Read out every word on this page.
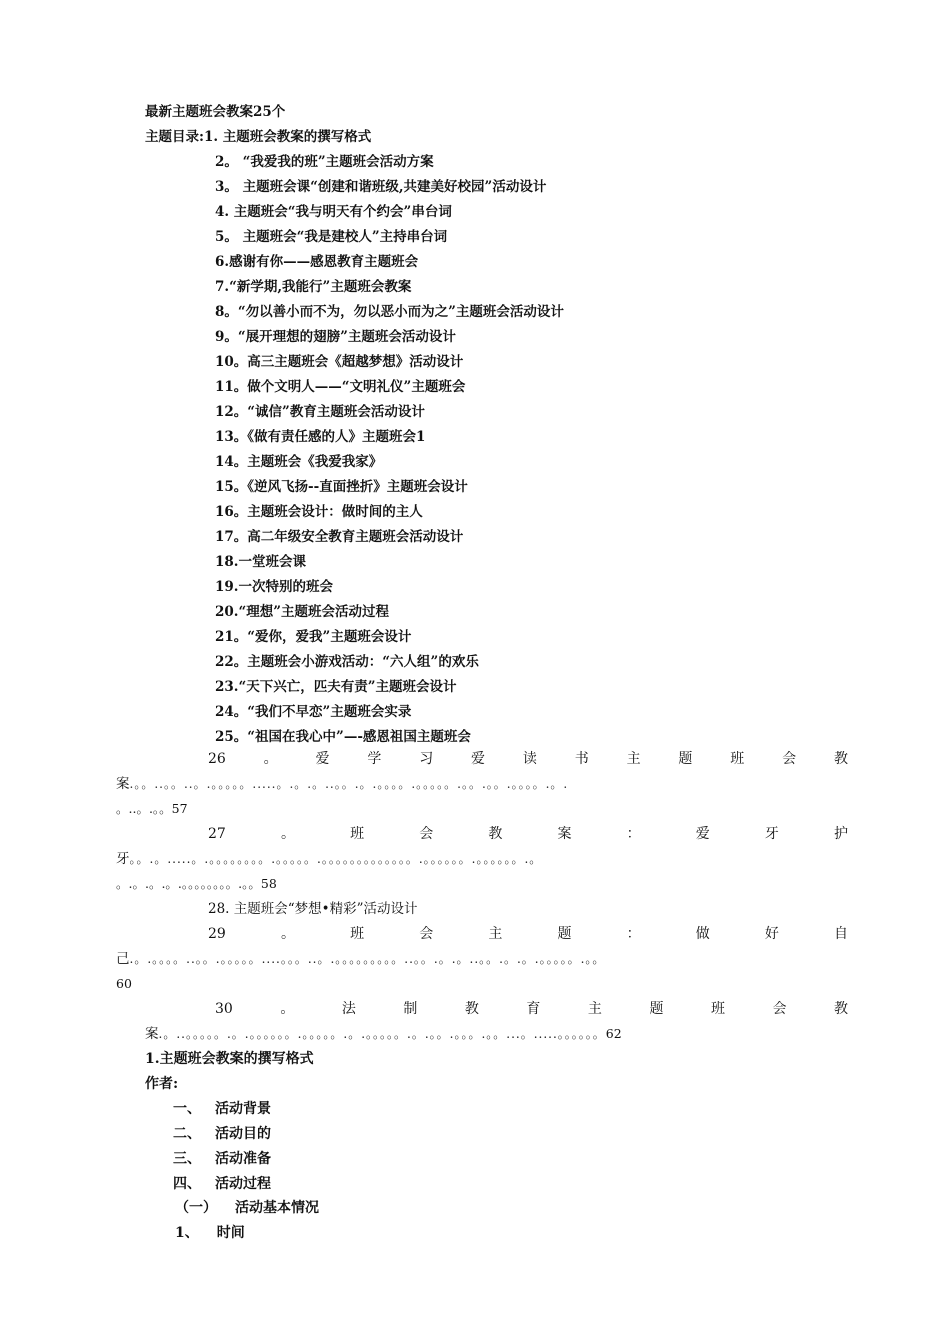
最新主题班会教案25个
主题目录:1. 主题班会教案的撰写格式
2。 “我爱我的班”主题班会活动方案
3。 主题班会课“创建和谐班级,共建美好校园”活动设计
4. 主题班会“我与明天有个约会”串台词
5。 主题班会“我是建校人”主持串台词
6.感谢有你——感恩教育主题班会
7.“新学期,我能行”主题班会教案
8。“勿以善小而不为，勿以恶小而为之”主题班会活动设计
9。“展开理想的翅膀”主题班会活动设计
10。高三主题班会《超越梦想》活动设计
11。做个文明人——“文明礼仪”主题班会
12。“诚信”教育主题班会活动设计
13。《做有责任感的人》主题班会1
14。主题班会《我爱我家》
15。《逆风飞扬--直面挫折》主题班会设计
16。主题班会设计：做时间的主人
17。高二年级安全教育主题班会活动设计
18.一堂班会课
19.一次特别的班会
20.“理想”主题班会活动过程
21。“爱你，爱我”主题班会设计
22。主题班会小游戏活动：“六人组”的欢乐
23.“天下兴亡，匹夫有责”主题班会设计
24。“我们不早恋”主题班会实录
25。“祖国在我心中”—-感恩祖国主题班会
26	。	爱	学	习	爱	读	书	主	题	班	会	教
案.。。..。。..。.。。。。。.....。.。.。..。。.。.。。。。.。。。。。.。。.。。.。。。。.。.
。..。.。。57
27	。	班	会	教	案	：	爱	牙	护
牙。。.。.....。.。。。。。。。。.。。。。。.。。。。。。。。。。。。。.。。。。。。.。。。。。。.。
。.。.。.。.。。。。。。。。.。。58
28. 主题班会“梦想•精彩”活动设计
29	。	班	会	主	题	：	做	好	自
己.。.。。。。..。。.。。。。。....。。。..。.。。。。。。。。。..。。.。.。..。。.。.。.。。。。。.。。
60
30	。	法	制	教	育	主	题	班	会	教
案.。..。。。。。.。.。。。。。。.。。。。。.。.。。。。。.。.。。.。。。.。。...。.....。。。。。。62
1.主题班会教案的撰写格式
作者:
一、 活动背景
二、 活动目的
三、 活动准备
四、 活动过程
（一） 活动基本情况
1、 时间
